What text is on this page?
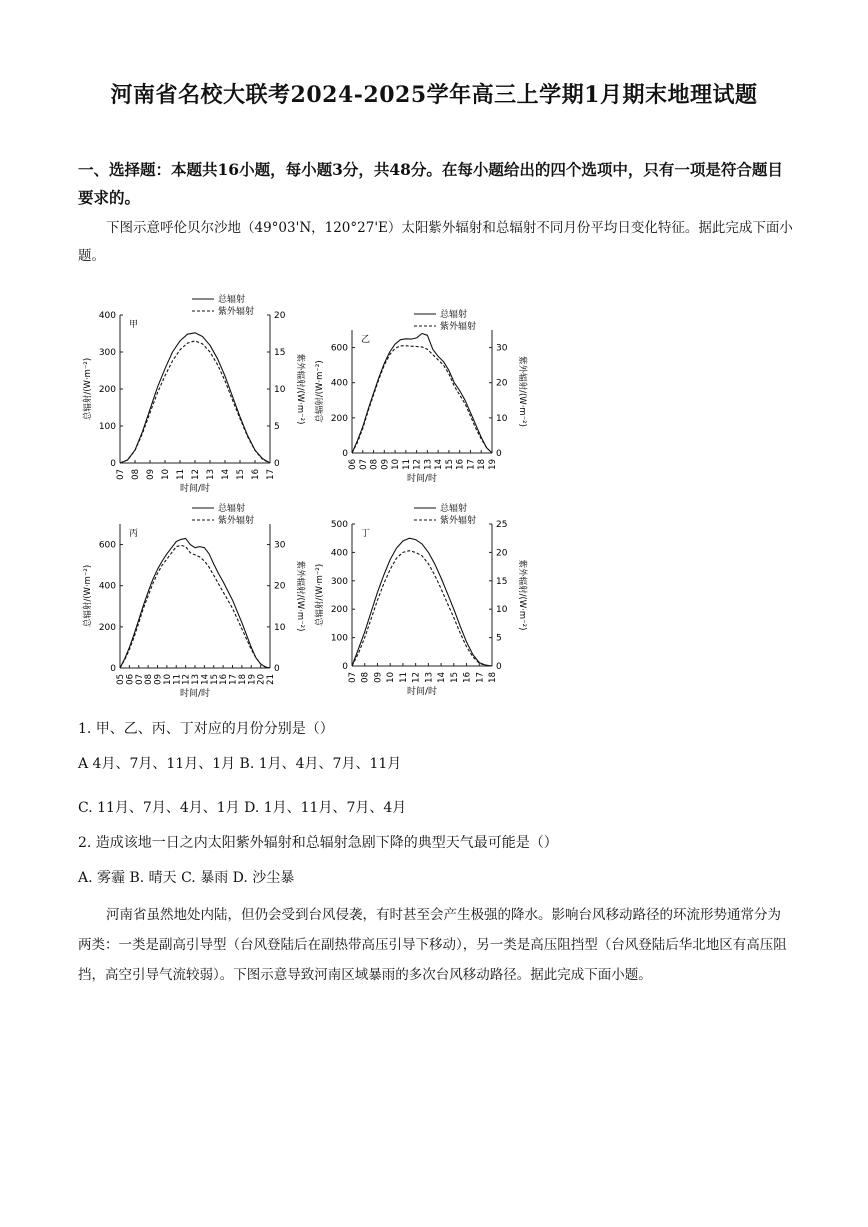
河南省名校大联考2024-2025学年高三上学期1月期末地理试题
一、选择题：本题共16小题，每小题3分，共48分。在每小题给出的四个选项中，只有一项是符合题目要求的。
下图示意呼伦贝尔沙地（49°03'N，120°27'E）太阳紫外辐射和总辐射不同月份平均日变化特征。据此完成下面小题。
0
100
200
300
400
0
5
10
15
20
07 08 09 10 11 12 13 14 15 16 17
时间/时
总辐射/(W·m⁻²)	紫外辐射/(W·m⁻²)
甲
总辐射
紫外辐射
0
200
400
600
0
10
20
30
06 07 08 09 10 11 12 13 14 15 16 17 18 19
时间/时
总辐射/(W·m⁻²)	紫外辐射/(W·m⁻²)
乙
总辐射
紫外辐射
0
200
400
600
0
10
20
30
05 06 07 08 09 10 11 12 13 14 15 16 17 18 19 20 21
时间/时
总辐射/(W·m⁻²)	紫外辐射/(W·m⁻²)
丙
总辐射
紫外辐射
0
100
200
300
400
500
0
5
10
15
20
25
07 08 09 10 11 12 13 14 15 16 17 18
时间/时
总辐射/(W·m⁻²)	紫外辐射/(W·m⁻²)
丁
总辐射
紫外辐射
1. 甲、乙、丙、丁对应的月份分别是（）
A 4月、7月、11月、1月 B. 1月、4月、7月、11月
C. 11月、7月、4月、1月 D. 1月、11月、7月、4月
2. 造成该地一日之内太阳紫外辐射和总辐射急剧下降的典型天气最可能是（）
A. 雾霾 B. 晴天 C. 暴雨 D. 沙尘暴
河南省虽然地处内陆，但仍会受到台风侵袭，有时甚至会产生极强的降水。影响台风移动路径的环流形势通常分为两类：一类是副高引导型（台风登陆后在副热带高压引导下移动），另一类是高压阻挡型（台风登陆后华北地区有高压阻挡，高空引导气流较弱）。下图示意导致河南区域暴雨的多次台风移动路径。据此完成下面小题。
